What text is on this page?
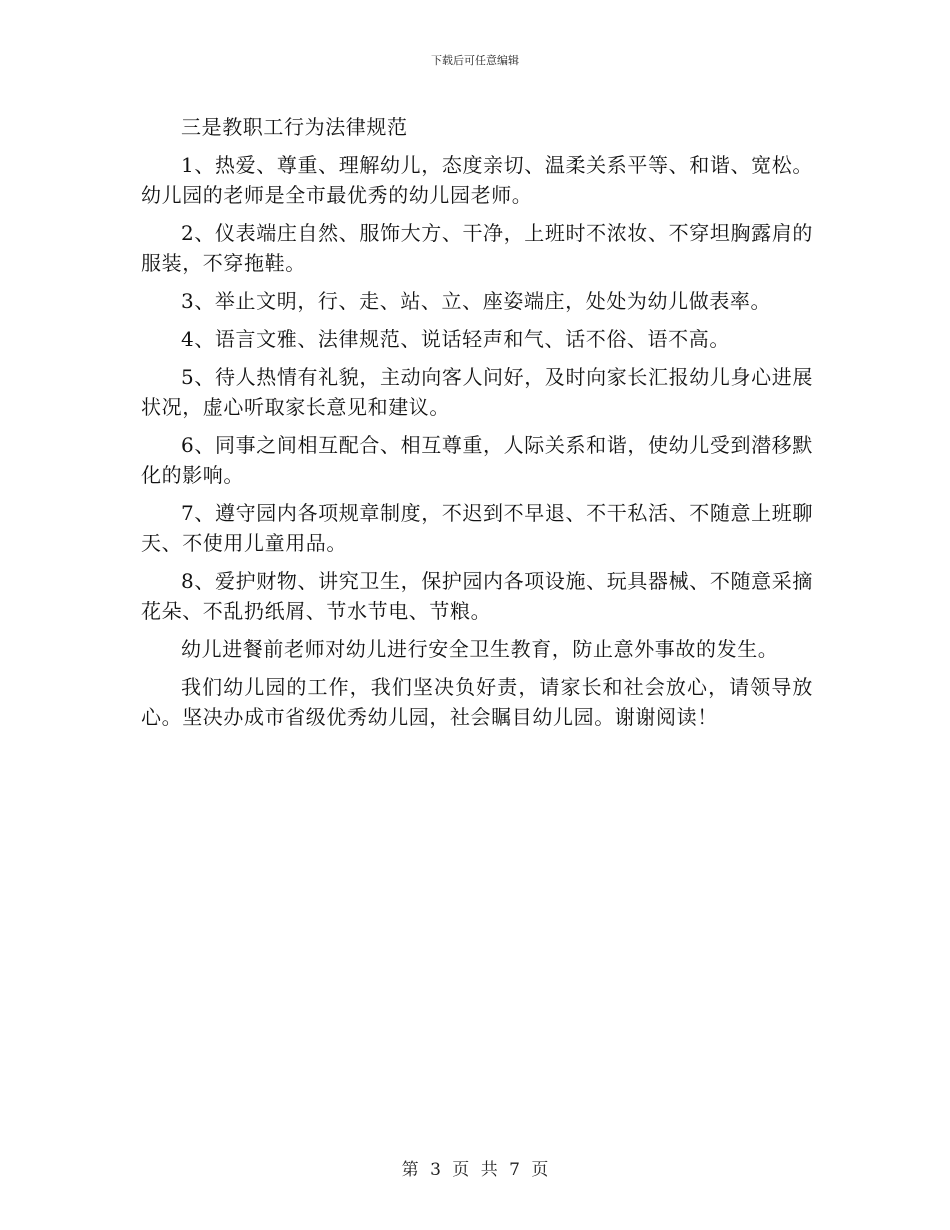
下载后可任意编辑

三是教职工行为法律规范

1、热爱、尊重、理解幼儿，态度亲切、温柔关系平等、和谐、宽松。幼儿园的老师是全市最优秀的幼儿园老师。

2、仪表端庄自然、服饰大方、干净，上班时不浓妆、不穿坦胸露肩的服装，不穿拖鞋。

3、举止文明，行、走、站、立、座姿端庄，处处为幼儿做表率。

4、语言文雅、法律规范、说话轻声和气、话不俗、语不高。

5、待人热情有礼貌，主动向客人问好，及时向家长汇报幼儿身心进展状况，虚心听取家长意见和建议。

6、同事之间相互配合、相互尊重，人际关系和谐，使幼儿受到潜移默化的影响。

7、遵守园内各项规章制度，不迟到不早退、不干私活、不随意上班聊天、不使用儿童用品。

8、爱护财物、讲究卫生，保护园内各项设施、玩具器械、不随意采摘花朵、不乱扔纸屑、节水节电、节粮。

幼儿进餐前老师对幼儿进行安全卫生教育，防止意外事故的发生。

我们幼儿园的工作，我们坚决负好责，请家长和社会放心，请领导放心。坚决办成市省级优秀幼儿园，社会瞩目幼儿园。谢谢阅读！

第 3 页 共 7 页
